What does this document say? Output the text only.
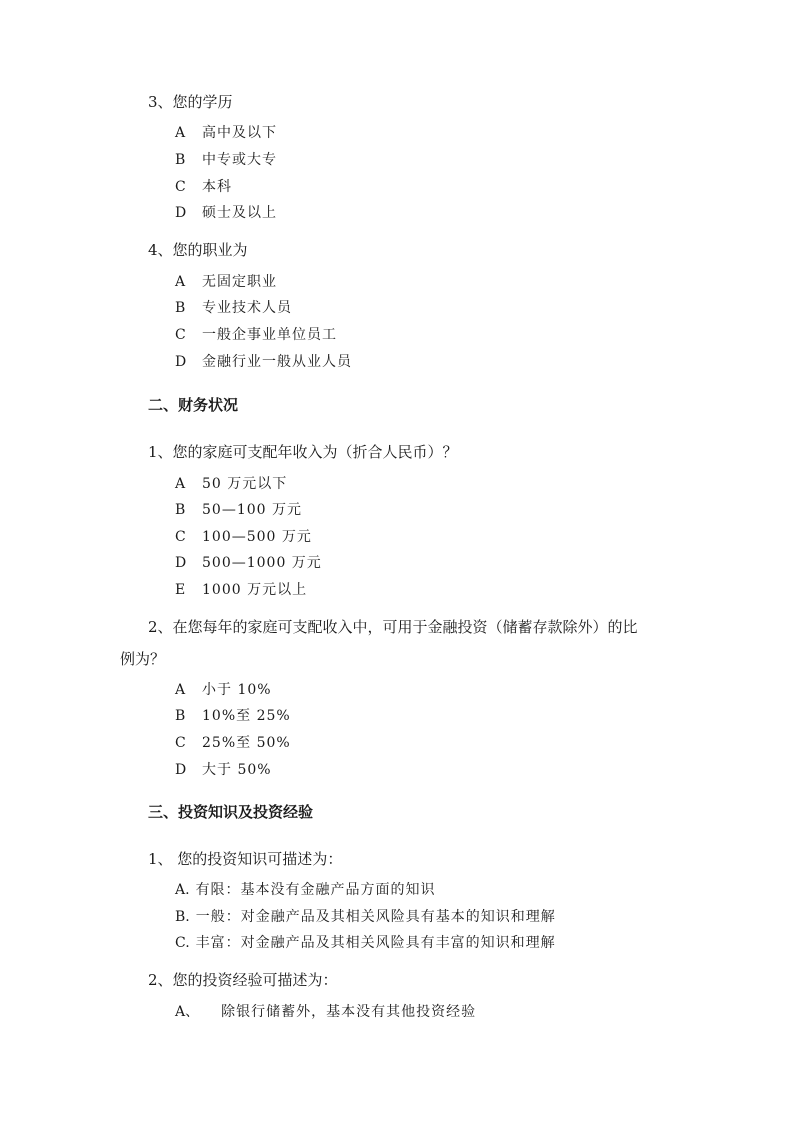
3、您的学历
A 高中及以下
B 中专或大专
C 本科
D 硕士及以上
4、您的职业为
A 无固定职业
B 专业技术人员
C 一般企事业单位员工
D 金融行业一般从业人员
二、财务状况
1、您的家庭可支配年收入为（折合人民币）？
A 50 万元以下
B 50—100 万元
C 100—500 万元
D 500—1000 万元
E 1000 万元以上
2、在您每年的家庭可支配收入中，可用于金融投资（储蓄存款除外）的比
例为？
A 小于 10%
B 10%至 25%
C 25%至 50%
D 大于 50%
三、投资知识及投资经验
1、 您的投资知识可描述为：
A. 有限：基本没有金融产品方面的知识
B. 一般：对金融产品及其相关风险具有基本的知识和理解
C. 丰富：对金融产品及其相关风险具有丰富的知识和理解
2、您的投资经验可描述为：
A、 除银行储蓄外，基本没有其他投资经验
